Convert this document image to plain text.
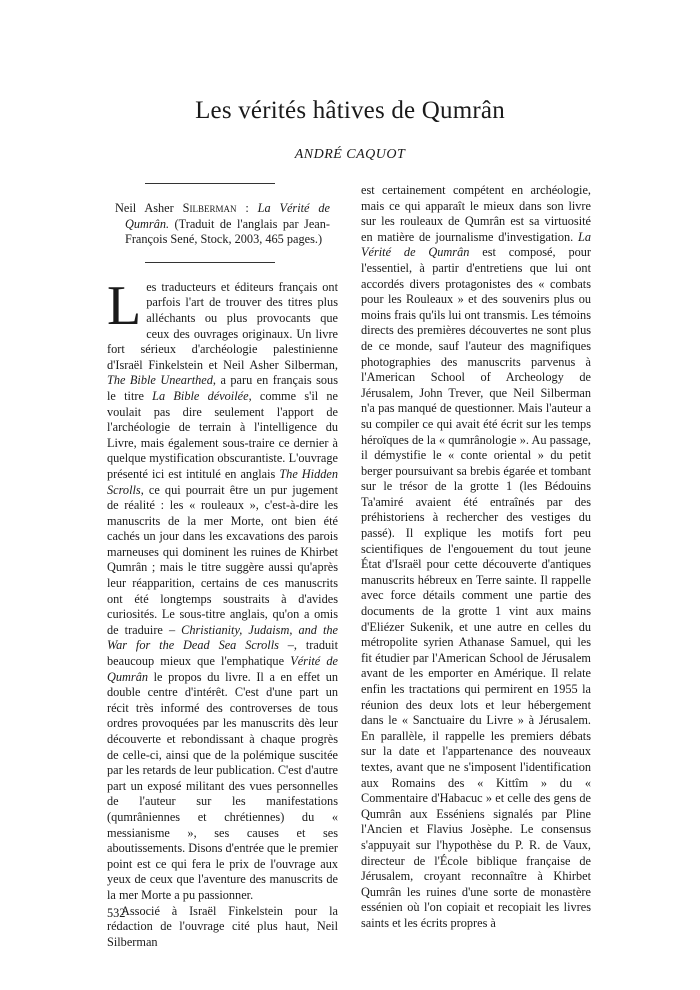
Les vérités hâtives de Qumrân
ANDRÉ CAQUOT
Neil Asher Silberman : La Vérité de Qumrân. (Traduit de l'anglais par Jean-François Sené, Stock, 2003, 465 pages.)

Les traducteurs et éditeurs français ont parfois l'art de trouver des titres plus alléchants ou plus provocants que ceux des ouvrages originaux. Un livre fort sérieux d'archéologie palestinienne d'Israël Finkelstein et Neil Asher Silberman, The Bible Unearthed, a paru en français sous le titre La Bible dévoilée, comme s'il ne voulait pas dire seulement l'apport de l'archéologie de terrain à l'intelligence du Livre, mais également sous-traire ce dernier à quelque mystification obscurantiste. L'ouvrage présenté ici est intitulé en anglais The Hidden Scrolls, ce qui pourrait être un pur jugement de réalité : les « rouleaux », c'est-à-dire les manuscrits de la mer Morte, ont bien été cachés un jour dans les excavations des parois marneuses qui dominent les ruines de Khirbet Qumrân ; mais le titre suggère aussi qu'après leur réapparition, certains de ces manuscrits ont été longtemps soustraits à d'avides curiosités. Le sous-titre anglais, qu'on a omis de traduire – Christianity, Judaism, and the War for the Dead Sea Scrolls –, traduit beaucoup mieux que l'emphatique Vérité de Qumrân le propos du livre. Il a en effet un double centre d'intérêt. C'est d'une part un récit très informé des controverses de tous ordres provoquées par les manuscrits dès leur découverte et rebondissant à chaque progrès de celle-ci, ainsi que de la polémique suscitée par les retards de leur publication. C'est d'autre part un exposé militant des vues personnelles de l'auteur sur les manifestations (qumrâniennes et chrétiennes) du « messianisme », ses causes et ses aboutissements. Disons d'entrée que le premier point est ce qui fera le prix de l'ouvrage aux yeux de ceux que l'aventure des manuscrits de la mer Morte a pu passionner.

Associé à Israël Finkelstein pour la rédaction de l'ouvrage cité plus haut, Neil Silberman

est certainement compétent en archéologie, mais ce qui apparaît le mieux dans son livre sur les rouleaux de Qumrân est sa virtuosité en matière de journalisme d'investigation. La Vérité de Qumrân est composé, pour l'essentiel, à partir d'entretiens que lui ont accordés divers protagonistes des « combats pour les Rouleaux » et des souvenirs plus ou moins frais qu'ils lui ont transmis. Les témoins directs des premières découvertes ne sont plus de ce monde, sauf l'auteur des magnifiques photographies des manuscrits parvenus à l'American School of Archeology de Jérusalem, John Trever, que Neil Silberman n'a pas manqué de questionner. Mais l'auteur a su compiler ce qui avait été écrit sur les temps héroïques de la « qumrânologie ». Au passage, il démystifie le « conte oriental » du petit berger poursuivant sa brebis égarée et tombant sur le trésor de la grotte 1 (les Bédouins Ta'amiré avaient été entraînés par des préhistoriens à rechercher des vestiges du passé). Il explique les motifs fort peu scientifiques de l'engouement du tout jeune État d'Israël pour cette découverte d'antiques manuscrits hébreux en Terre sainte. Il rappelle avec force détails comment une partie des documents de la grotte 1 vint aux mains d'Eliézer Sukenik, et une autre en celles du métropolite syrien Athanase Samuel, qui les fit étudier par l'American School de Jérusalem avant de les emporter en Amérique. Il relate enfin les tractations qui permirent en 1955 la réunion des deux lots et leur hébergement dans le « Sanctuaire du Livre » à Jérusalem. En parallèle, il rappelle les premiers débats sur la date et l'appartenance des nouveaux textes, avant que ne s'imposent l'identification aux Romains des « Kittîm » du « Commentaire d'Habacuc » et celle des gens de Qumrân aux Esséniens signalés par Pline l'Ancien et Flavius Josèphe. Le consensus s'appuyait sur l'hypothèse du P. R. de Vaux, directeur de l'École biblique française de Jérusalem, croyant reconnaître à Khirbet Qumrân les ruines d'une sorte de monastère essénien où l'on copiait et recopiait les livres saints et les écrits propres à

532
